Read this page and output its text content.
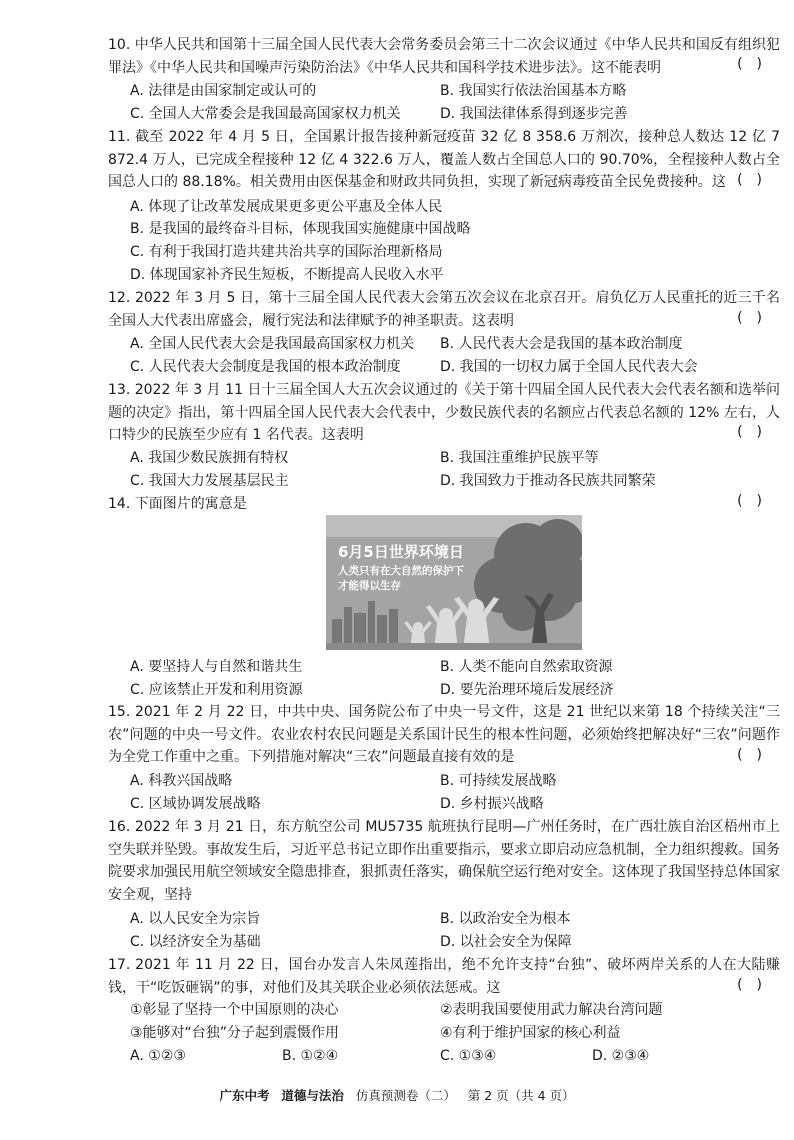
10. 中华人民共和国第十三届全国人民代表大会常务委员会第三十二次会议通过《中华人民共和国反有组织犯罪法》《中华人民共和国噪声污染防治法》《中华人民共和国科学技术进步法》。这不能表明	()
A. 法律是由国家制定或认可的	B. 我国实行依法治国基本方略
C. 全国人大常委会是我国最高国家权力机关	D. 我国法律体系得到逐步完善
11. 截至 2022 年 4 月 5 日，全国累计报告接种新冠疫苗 32 亿 8 358.6 万剂次，接种总人数达 12 亿 7 872.4 万人，已完成全程接种 12 亿 4 322.6 万人，覆盖人数占全国总人口的 90.70%，全程接种人数占全国总人口的 88.18%。相关费用由医保基金和财政共同负担，实现了新冠病毒疫苗全民免费接种。这 ()
A. 体现了让改革发展成果更多更公平惠及全体人民
B. 是我国的最终奋斗目标，体现我国实施健康中国战略
C. 有利于我国打造共建共治共享的国际治理新格局
D. 体现国家补齐民生短板，不断提高人民收入水平
12. 2022 年 3 月 5 日，第十三届全国人民代表大会第五次会议在北京召开。肩负亿万人民重托的近三千名全国人大代表出席盛会，履行宪法和法律赋予的神圣职责。这表明	()
A. 全国人民代表大会是我国最高国家权力机关 B. 人民代表大会是我国的基本政治制度
C. 人民代表大会制度是我国的根本政治制度	D. 我国的一切权力属于全国人民代表大会
13. 2022 年 3 月 11 日十三届全国人大五次会议通过的《关于第十四届全国人民代表大会代表名额和选举问题的决定》指出，第十四届全国人民代表大会代表中，少数民族代表的名额应占代表总名额的 12% 左右，人口特少的民族至少应有 1 名代表。这表明	()
A. 我国少数民族拥有特权	B. 我国注重维护民族平等
C. 我国大力发展基层民主	D. 我国致力于推动各民族共同繁荣
14. 下面图片的寓意是	()
6月5日世界环境日
人类只有在大自然的保护下
才能得以生存
A. 要坚持人与自然和谐共生	B. 人类不能向自然索取资源
C. 应该禁止开发和利用资源	D. 要先治理环境后发展经济
15. 2021 年 2 月 22 日，中共中央、国务院公布了中央一号文件，这是 21 世纪以来第 18 个持续关注“三农”问题的中央一号文件。农业农村农民问题是关系国计民生的根本性问题，必须始终把解决好“三农”问题作为全党工作重中之重。下列措施对解决“三农”问题最直接有效的是	()
A. 科教兴国战略	B. 可持续发展战略
C. 区域协调发展战略	D. 乡村振兴战略
16. 2022 年 3 月 21 日，东方航空公司 MU5735 航班执行昆明—广州任务时，在广西壮族自治区梧州市上空失联并坠毁。事故发生后，习近平总书记立即作出重要指示，要求立即启动应急机制，全力组织搜救。国务院要求加强民用航空领域安全隐患排查，狠抓责任落实，确保航空运行绝对安全。这体现了我国坚持总体国家安全观，坚持
A. 以人民安全为宗旨	B. 以政治安全为根本
C. 以经济安全为基础	D. 以社会安全为保障
17. 2021 年 11 月 22 日，国台办发言人朱凤莲指出，绝不允许支持“台独”、破坏两岸关系的人在大陆赚钱，干“吃饭砸锅”的事，对他们及其关联企业必须依法惩戒。这	()
①彰显了坚持一个中国原则的决心	②表明我国要使用武力解决台湾问题
③能够对“台独”分子起到震慑作用	④有利于维护国家的核心利益
A. ①②③	B. ①②④	C. ①③④	D. ②③④
广东中考 道德与法治 仿真预测卷（二） 第 2 页（共 4 页）
